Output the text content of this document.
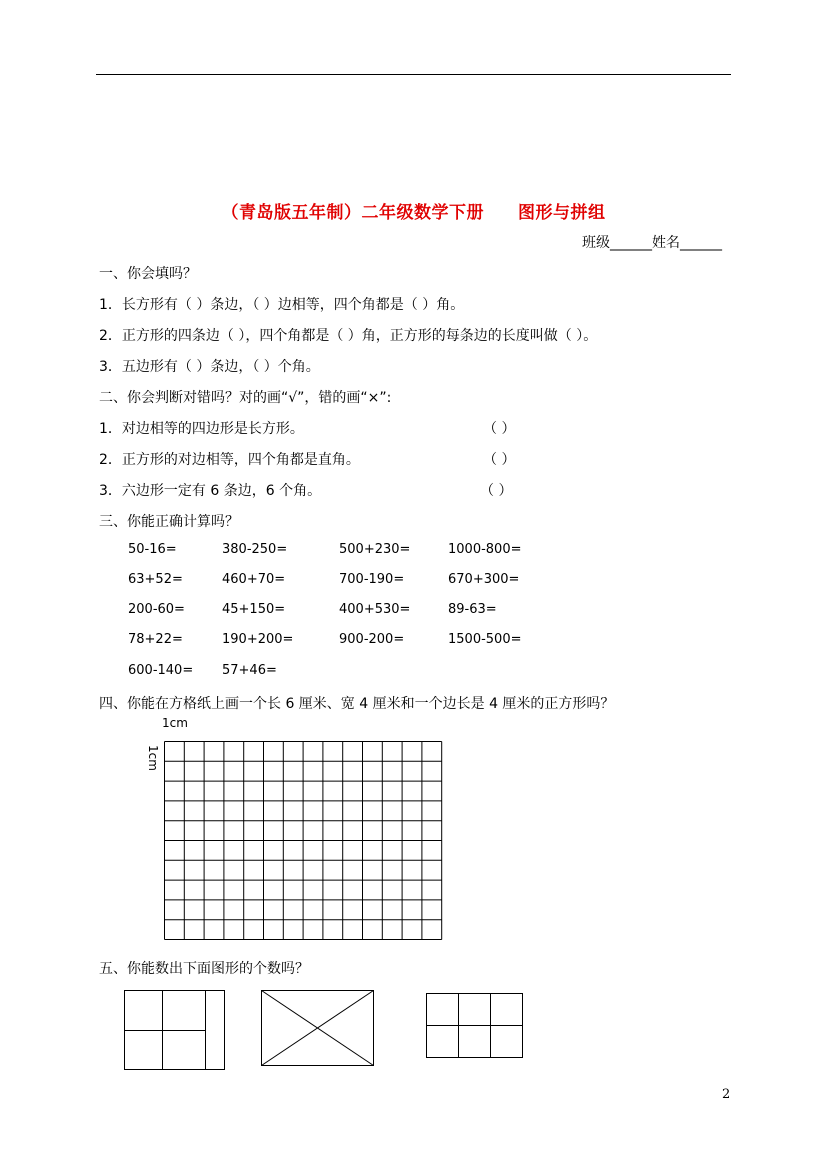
（青岛版五年制）二年级数学下册 图形与拼组
班级______姓名______
一、你会填吗？
1．长方形有（ ）条边，（ ）边相等，四个角都是（ ）角。
2．正方形的四条边（ ），四个角都是（ ）角，正方形的每条边的长度叫做（ ）。
3．五边形有（ ）条边，（ ）个角。
二、你会判断对错吗？对的画“√”，错的画“×”:
1．对边相等的四边形是长方形。	（ ）
2．正方形的对边相等，四个角都是直角。	（ ）
3．六边形一定有 6 条边，6 个角。	（ ）
三、你能正确计算吗？
50-16=	380-250=	500+230=	1000-800=
63+52=	460+70=	700-190=	670+300=
200-60=	45+150=	400+530=	89-63=
78+22=	190+200=	900-200=	1500-500=
600-140= 57+46=
四、你能在方格纸上画一个长 6 厘米、宽 4 厘米和一个边长是 4 厘米的正方形吗？
1cm
1cm
五、你能数出下面图形的个数吗？
2
